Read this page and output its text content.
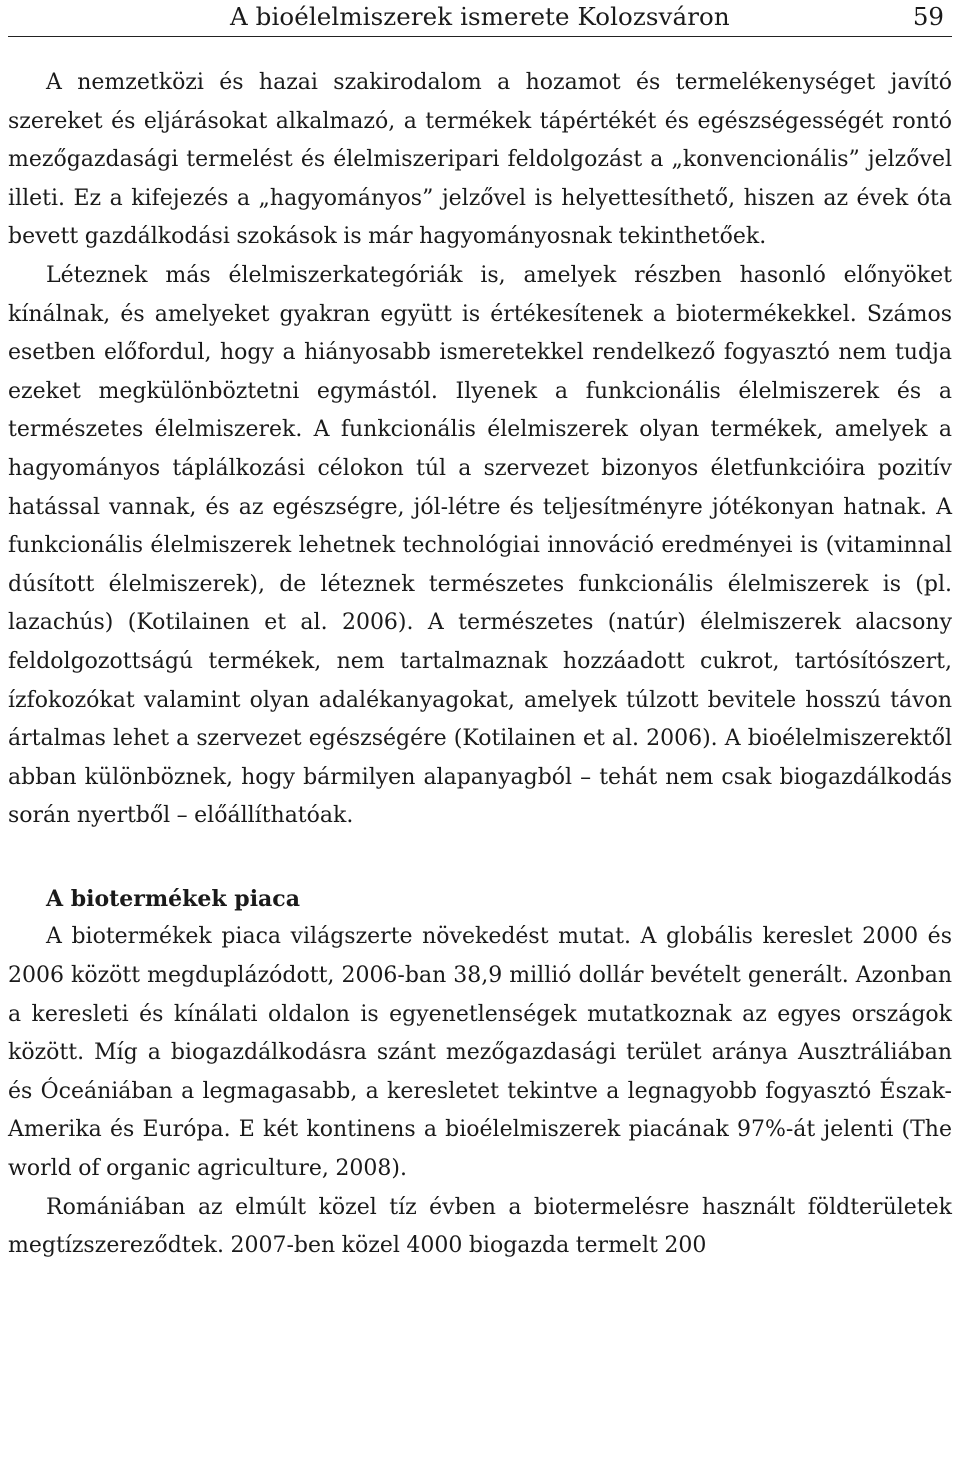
A bioélelmiszerek ismerete Kolozsváron	59

A nemzetközi és hazai szakirodalom a hozamot és termelékenységet javító szereket és eljárásokat alkalmazó, a termékek tápértékét és egészségességét rontó mezőgazdasági termelést és élelmiszeripari feldolgozást a „konvencionális” jelzővel illeti. Ez a kifejezés a „hagyományos” jelzővel is helyettesíthető, hiszen az évek óta bevett gazdálkodási szokások is már hagyományosnak tekinthetőek.

Léteznek más élelmiszerkategóriák is, amelyek részben hasonló előnyöket kínálnak, és amelyeket gyakran együtt is értékesítenek a biotermékekkel. Számos esetben előfordul, hogy a hiányosabb ismeretekkel rendelkező fogyasztó nem tudja ezeket megkülönböztetni egymástól. Ilyenek a funkcionális élelmiszerek és a természetes élelmiszerek. A funkcionális élelmiszerek olyan termékek, amelyek a hagyományos táplálkozási célokon túl a szervezet bizonyos életfunkcióira pozitív hatással vannak, és az egészségre, jól-létre és teljesítményre jótékonyan hatnak. A funkcionális élelmiszerek lehetnek technológiai innováció eredményei is (vitaminnal dúsított élelmiszerek), de léteznek természetes funkcionális élelmiszerek is (pl. lazachús) (Kotilainen et al. 2006). A természetes (natúr) élelmiszerek alacsony feldolgozottságú termékek, nem tartalmaznak hozzáadott cukrot, tartósítószert, ízfokozókat valamint olyan adalékanyagokat, amelyek túlzott bevitele hosszú távon ártalmas lehet a szervezet egészségére (Kotilainen et al. 2006). A bioélelmiszerektől abban különböznek, hogy bármilyen alapanyagból – tehát nem csak biogazdálkodás során nyertből – előállíthatóak.

A biotermékek piaca

A biotermékek piaca világszerte növekedést mutat. A globális kereslet 2000 és 2006 között megduplázódott, 2006-ban 38,9 millió dollár bevételt generált. Azonban a keresleti és kínálati oldalon is egyenetlenségek mutatkoznak az egyes országok között. Míg a biogazdálkodásra szánt mezőgazdasági terület aránya Ausztráliában és Óceániában a legmagasabb, a keresletet tekintve a legnagyobb fogyasztó Észak-Amerika és Európa. E két kontinens a bioélelmiszerek piacának 97%-át jelenti (The world of organic agriculture, 2008).

Romániában az elmúlt közel tíz évben a biotermelésre használt földterületek megtízszereződtek. 2007-ben közel 4000 biogazda termelt 200
